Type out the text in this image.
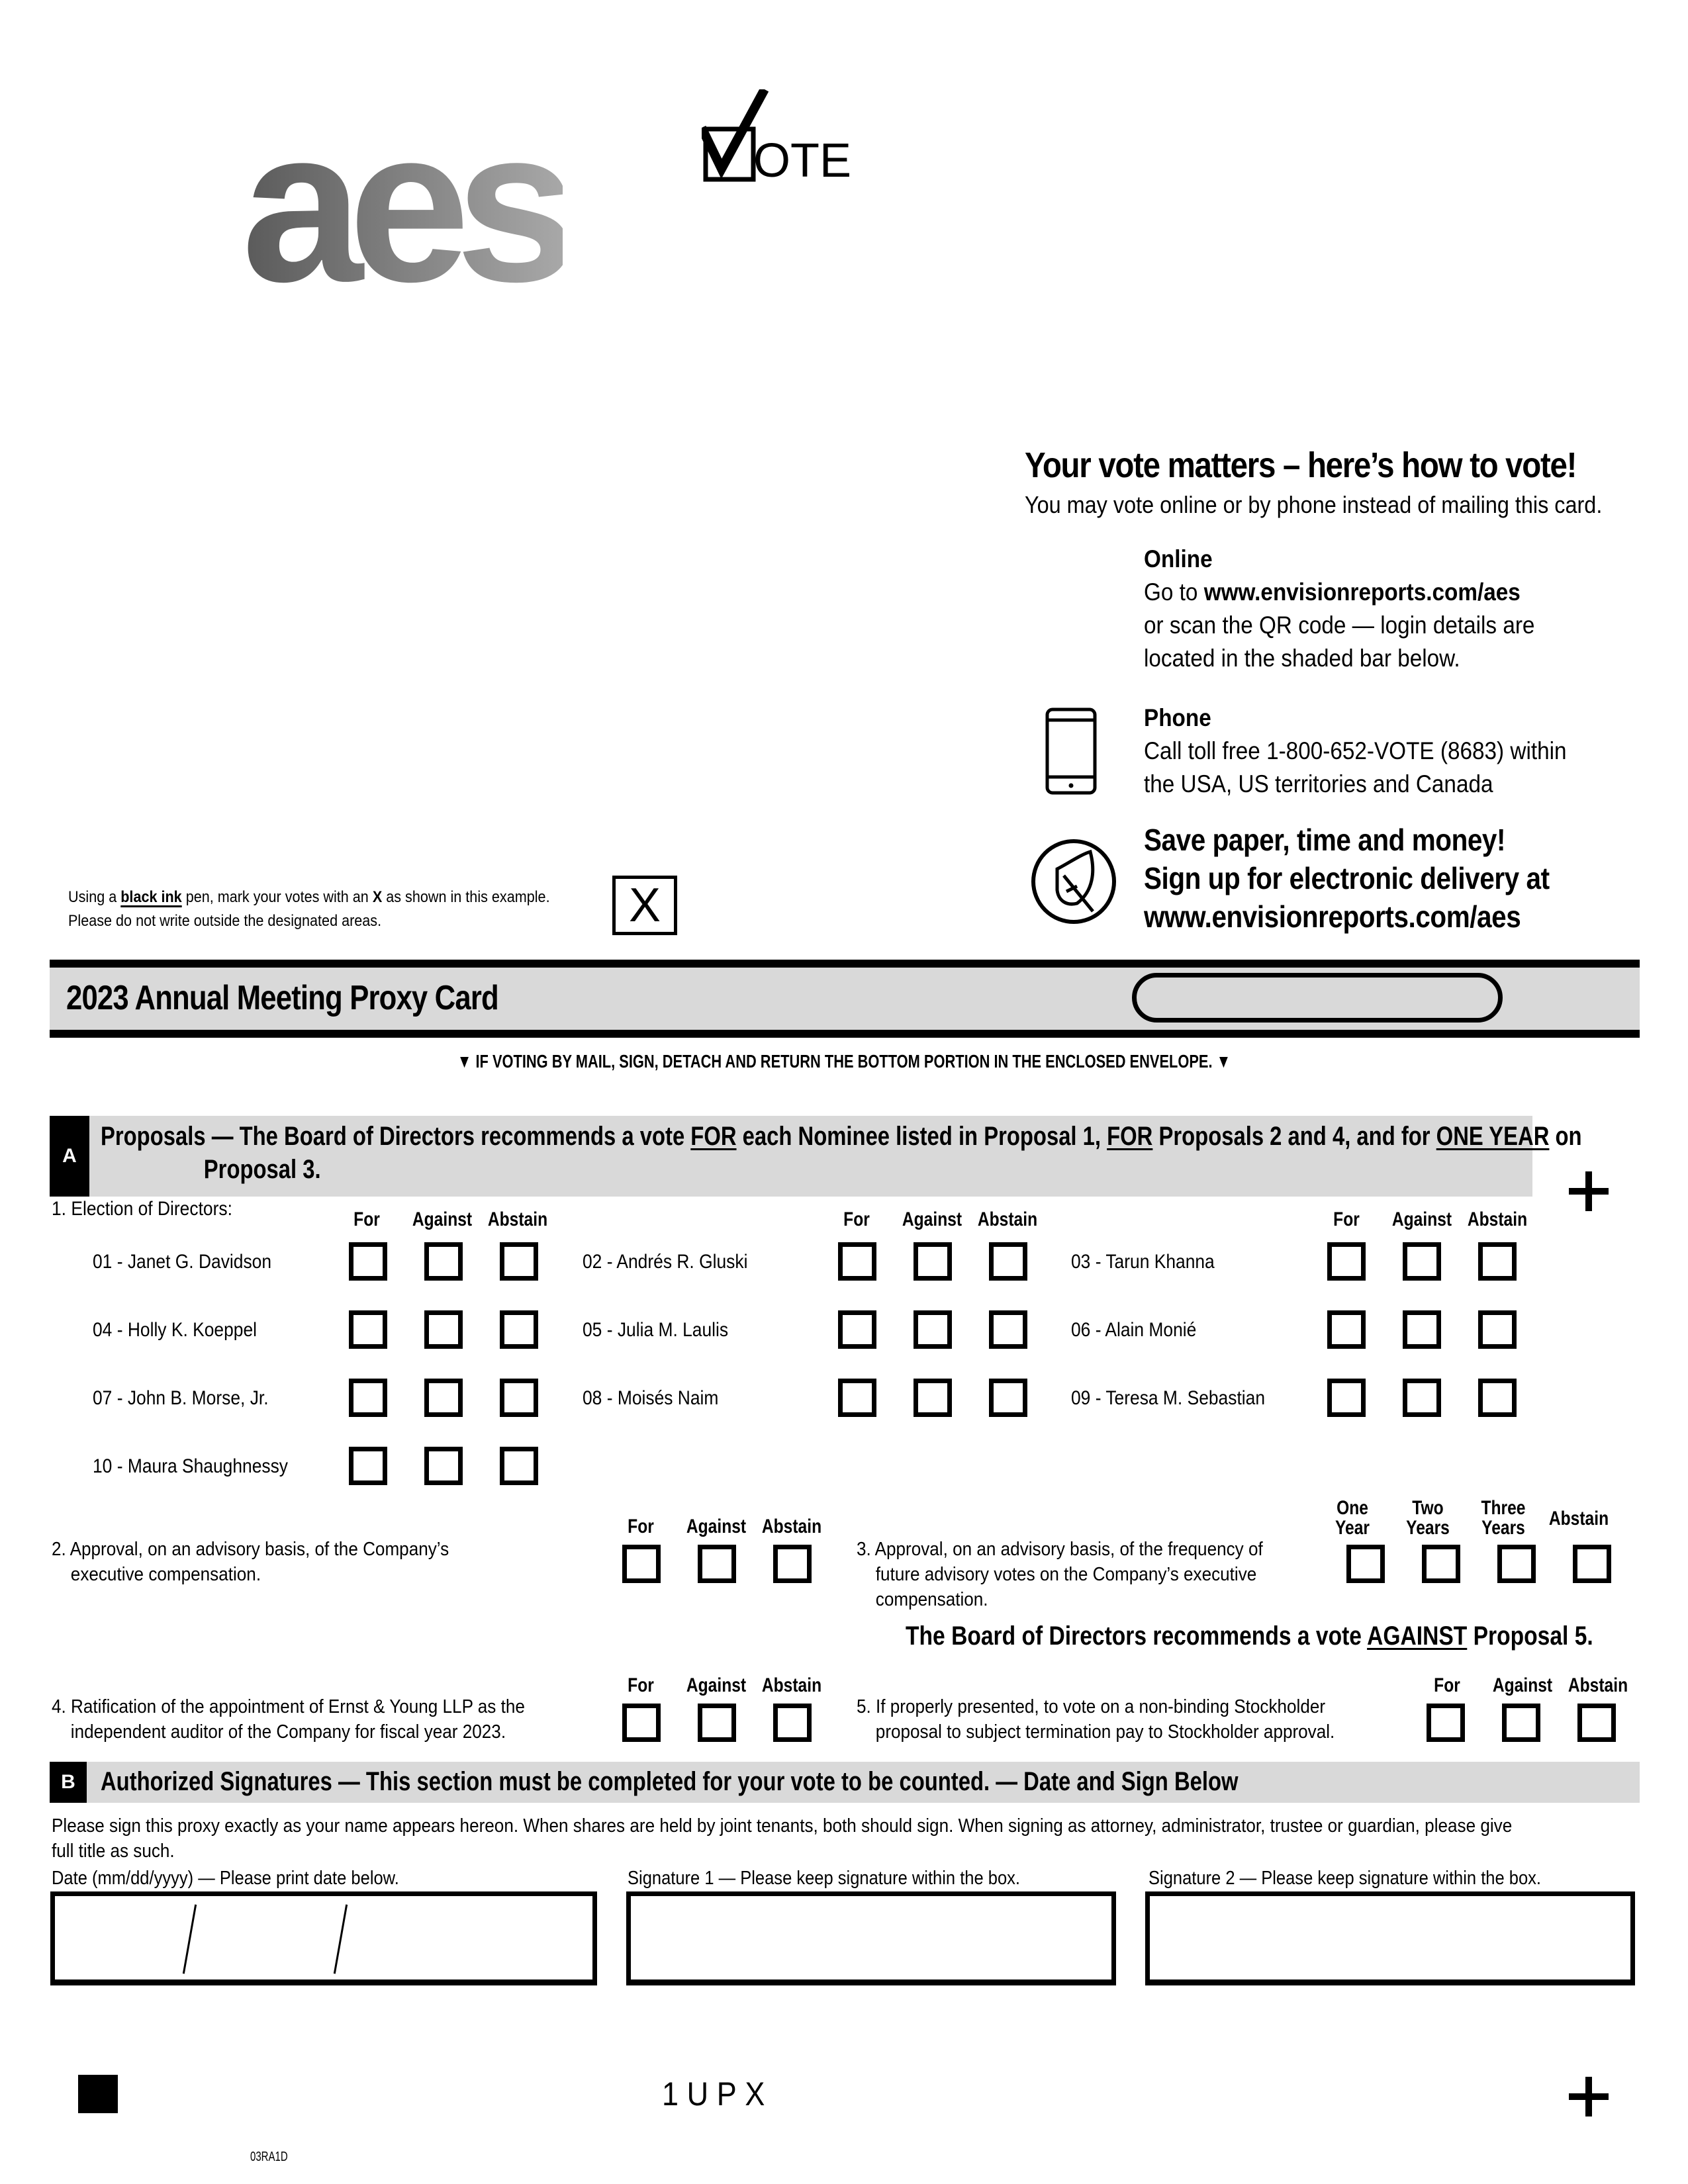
aes	OTE
Your vote matters – here’s how to vote!
You may vote online or by phone instead of mailing this card.
Online
Go to www.envisionreports.com/aes
or scan the QR code — login details are
located in the shaded bar below.
Phone
Call toll free 1-800-652-VOTE (8683) within
the USA, US territories and Canada
Save paper, time and money!
Sign up for electronic delivery at
www.envisionreports.com/aes
Using a black ink pen, mark your votes with an X as shown in this example.
Please do not write outside the designated areas.	X
2023 Annual Meeting Proxy Card
▼ IF VOTING BY MAIL, SIGN, DETACH AND RETURN THE BOTTOM PORTION IN THE ENCLOSED ENVELOPE. ▼
A
Proposals — The Board of Directors recommends a vote FOR each Nominee listed in Proposal 1, FOR Proposals 2 and 4, and for ONE YEAR on
Proposal 3.
1. Election of Directors:	For	Against Abstain	For	Against Abstain	For	Against Abstain
01 - Janet G. Davidson	02 - Andrés R. Gluski	03 - Tarun Khanna
04 - Holly K. Koeppel	05 - Julia M. Laulis	06 - Alain Monié
07 - John B. Morse, Jr.	08 - Moisés Naim	09 - Teresa M. Sebastian
10 - Maura Shaughnessy
2. Approval, on an advisory basis, of the Company’s
executive compensation.
For	Against Abstain
3. Approval, on an advisory basis, of the frequency of
future advisory votes on the Company’s executive
compensation.
One
Year
Two
Years
Three
Years	Abstain
The Board of Directors recommends a vote AGAINST Proposal 5.
4. Ratification of the appointment of Ernst & Young LLP as the
independent auditor of the Company for fiscal year 2023.
For	Against Abstain
5. If properly presented, to vote on a non-binding Stockholder
proposal to subject termination pay to Stockholder approval.
For	Against Abstain
B Authorized Signatures — This section must be completed for your vote to be counted. — Date and Sign Below
Please sign this proxy exactly as your name appears hereon. When shares are held by joint tenants, both should sign. When signing as attorney, administrator, trustee or guardian, please give
full title as such.
Date (mm/dd/yyyy) — Please print date below.	Signature 1 — Please keep signature within the box.	Signature 2 — Please keep signature within the box.
1UPX
03RA1D
